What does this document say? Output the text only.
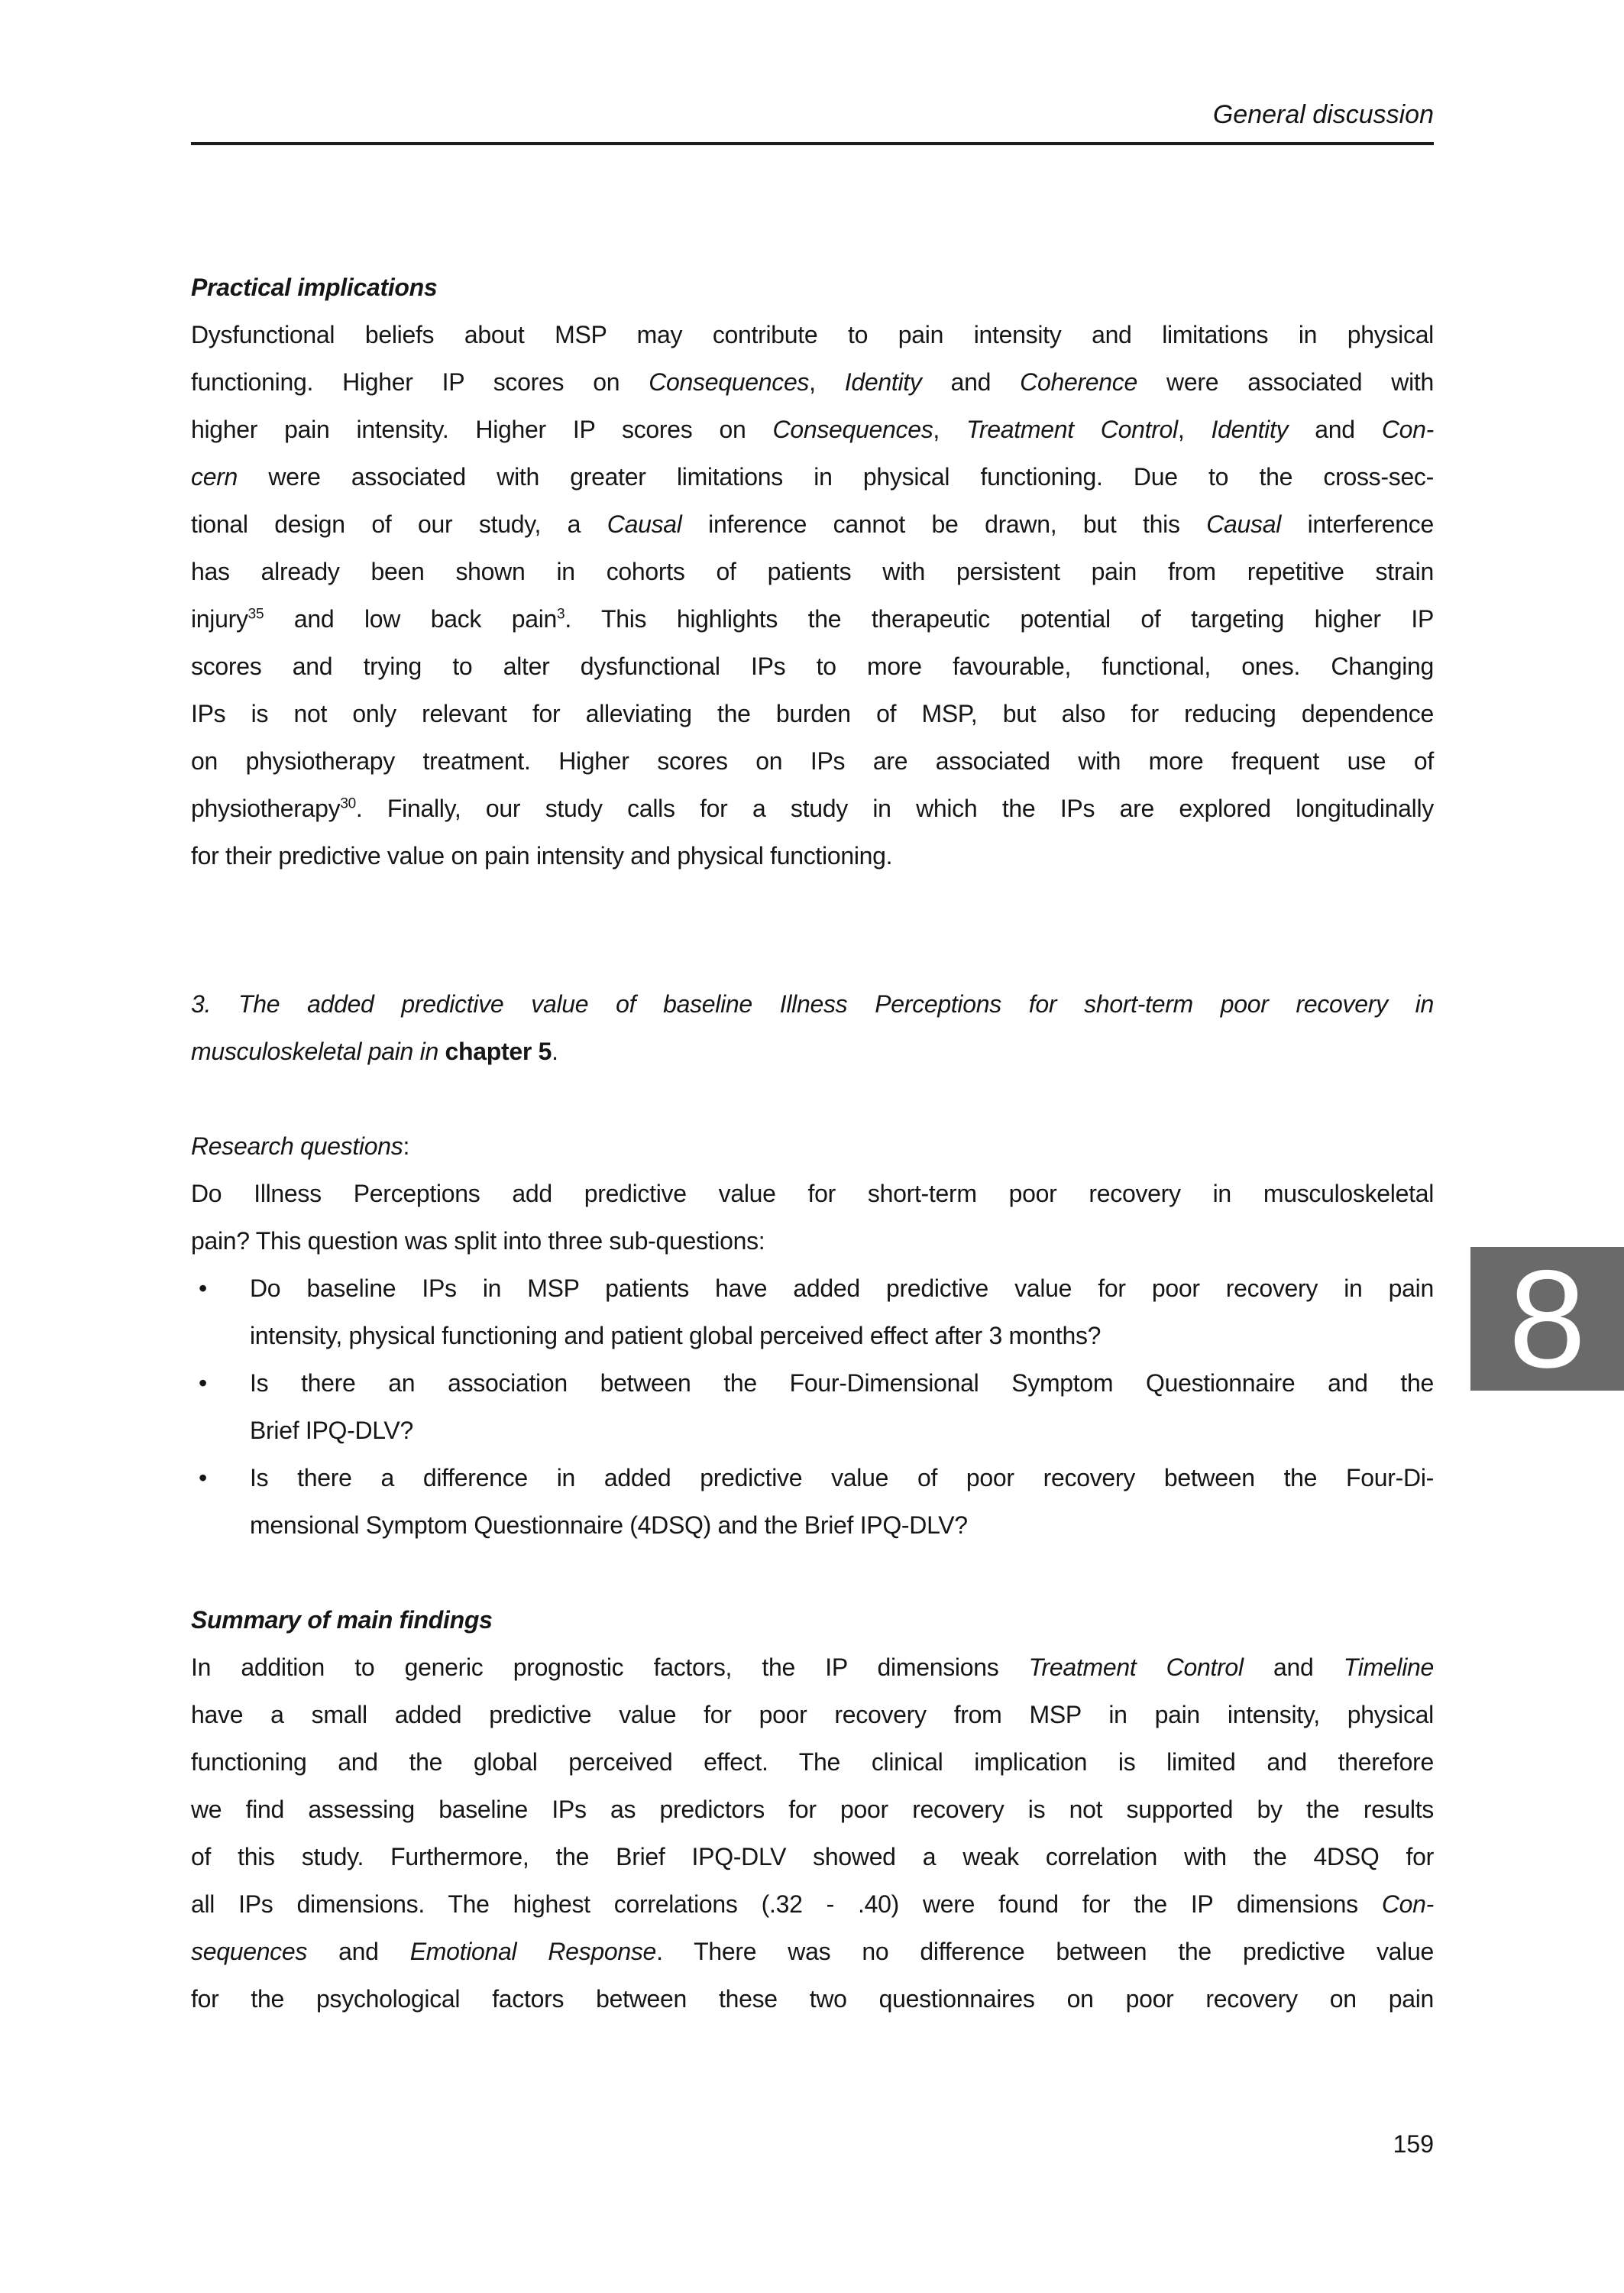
General discussion
Practical implications
Dysfunctional beliefs about MSP may contribute to pain intensity and limitations in physical
functioning. Higher IP scores on Consequences, Identity and Coherence were associated with
higher pain intensity. Higher IP scores on Consequences, Treatment Control, Identity and Con-
cern were associated with greater limitations in physical functioning. Due to the cross-sec-
tional design of our study, a Causal inference cannot be drawn, but this Causal interference
has already been shown in cohorts of patients with persistent pain from repetitive strain
injury$^{35}$ and low back pain$^3$. This highlights the therapeutic potential of targeting higher IP
scores and trying to alter dysfunctional IPs to more favourable, functional, ones. Changing
IPs is not only relevant for alleviating the burden of MSP, but also for reducing dependence
on physiotherapy treatment. Higher scores on IPs are associated with more frequent use of
physiotherapy$^{30}$. Finally, our study calls for a study in which the IPs are explored longitudinally
for their predictive value on pain intensity and physical functioning.
3. The added predictive value of baseline Illness Perceptions for short-term poor recovery in
musculoskeletal pain in chapter 5.
Research questions:
Do Illness Perceptions add predictive value for short-term poor recovery in musculoskeletal
pain? This question was split into three sub-questions:
• Do baseline IPs in MSP patients have added predictive value for poor recovery in pain
intensity, physical functioning and patient global perceived effect after 3 months?
• Is there an association between the Four-Dimensional Symptom Questionnaire and the
Brief IPQ-DLV?
• Is there a difference in added predictive value of poor recovery between the Four-Di-
mensional Symptom Questionnaire (4DSQ) and the Brief IPQ-DLV?
Summary of main findings
In addition to generic prognostic factors, the IP dimensions Treatment Control and Timeline
have a small added predictive value for poor recovery from MSP in pain intensity, physical
functioning and the global perceived effect. The clinical implication is limited and therefore
we find assessing baseline IPs as predictors for poor recovery is not supported by the results
of this study. Furthermore, the Brief IPQ-DLV showed a weak correlation with the 4DSQ for
all IPs dimensions. The highest correlations (.32 - .40) were found for the IP dimensions Con-
sequences and Emotional Response. There was no difference between the predictive value
for the psychological factors between these two questionnaires on poor recovery on pain
8
159
